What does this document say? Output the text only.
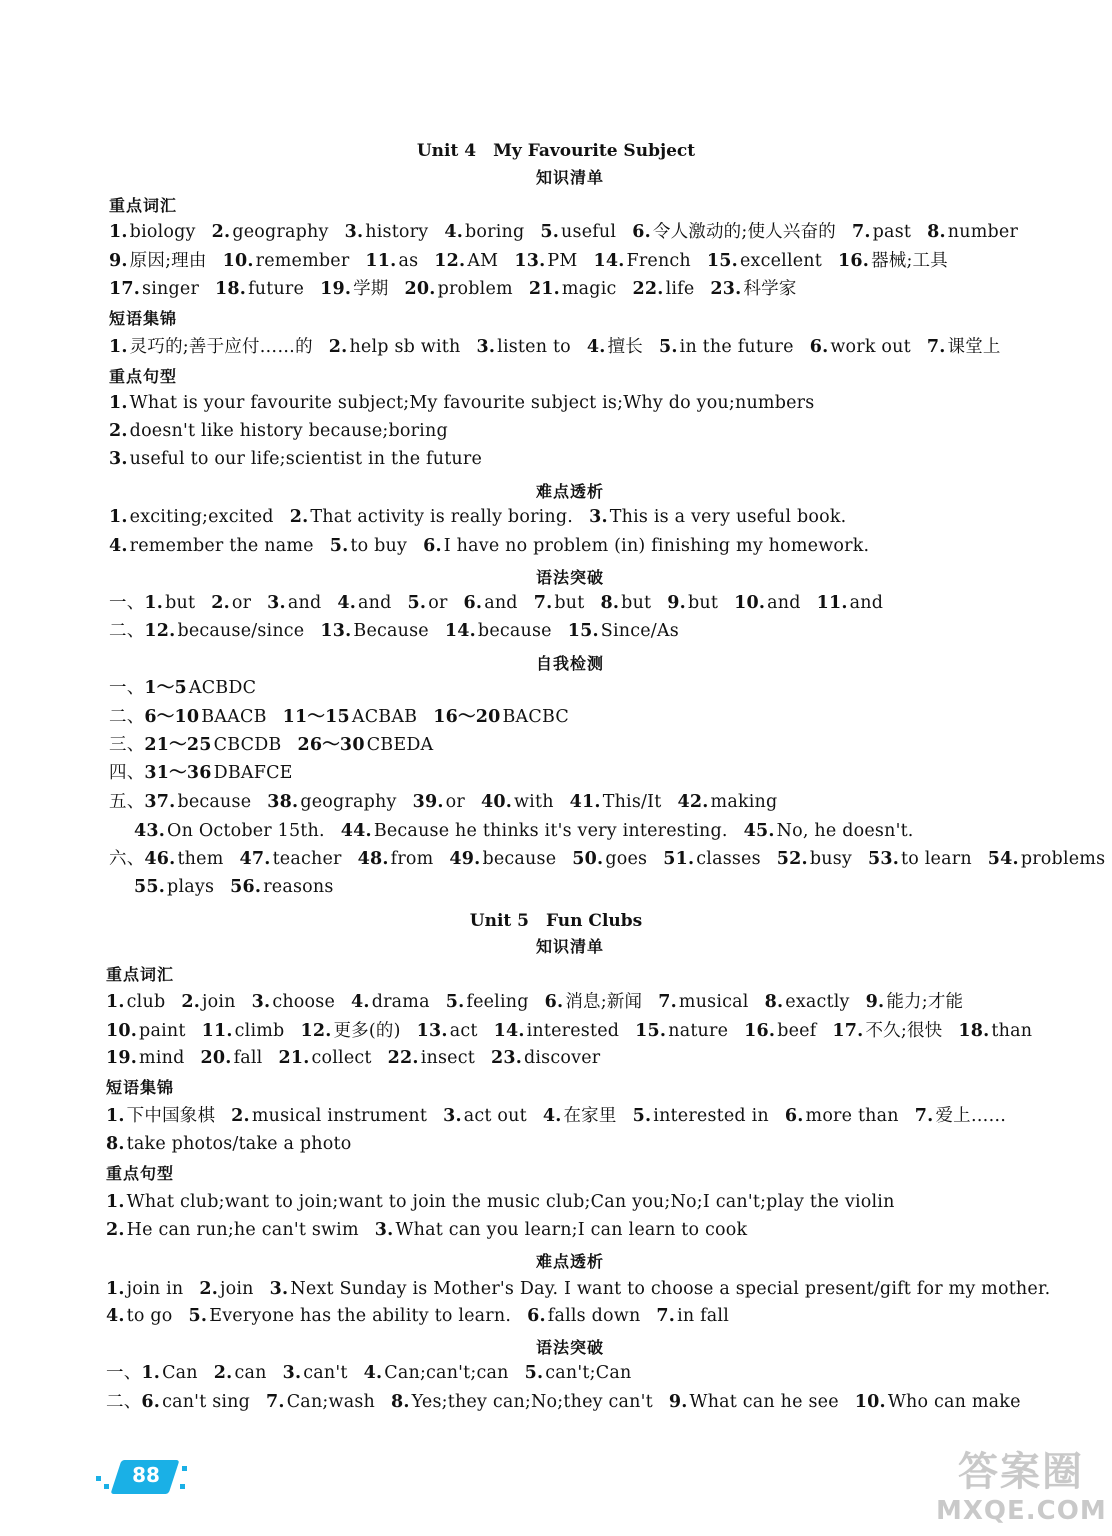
Unit 4　My Favourite Subject
知识清单
重点词汇
1. biology 2. geography 3. history 4. boring 5. useful 6. 令人激动的;使人兴奋的 7. past 8. number
9. 原因;理由 10. remember 11. as 12. AM 13. PM 14. French 15. excellent 16. 器械;工具
17. singer 18. future 19. 学期 20. problem 21. magic 22. life 23. 科学家
短语集锦
1. 灵巧的;善于应付……的 2. help sb with 3. listen to 4. 擅长 5. in the future 6. work out 7. 课堂上
重点句型
1. What is your favourite subject;My favourite subject is;Why do you;numbers
2. doesn't like history because;boring
3. useful to our life;scientist in the future
难点透析
1. exciting;excited 2. That activity is really boring. 3. This is a very useful book.
4. remember the name 5. to buy 6. I have no problem (in) finishing my homework.
语法突破
一、1. but 2. or 3. and 4. and 5. or 6. and 7. but 8. but 9. but 10. and 11. and
二、12. because/since 13. Because 14. because 15. Since/As
自我检测
一、1～5 ACBDC
二、6～10 BAACB 11～15 ACBAB 16～20 BACBC
三、21～25 CBCDB 26～30 CBEDA
四、31～36 DBAFCE
五、37. because 38. geography 39. or 40. with 41. This/It 42. making
43. On October 15th. 44. Because he thinks it's very interesting. 45. No, he doesn't.
六、46. them 47. teacher 48. from 49. because 50. goes 51. classes 52. busy 53. to learn 54. problems
55. plays 56. reasons
Unit 5　Fun Clubs
知识清单
重点词汇
1. club 2. join 3. choose 4. drama 5. feeling 6. 消息;新闻 7. musical 8. exactly 9. 能力;才能
10. paint 11. climb 12. 更多(的) 13. act 14. interested 15. nature 16. beef 17. 不久;很快 18. than
19. mind 20. fall 21. collect 22. insect 23. discover
短语集锦
1. 下中国象棋 2. musical instrument 3. act out 4. 在家里 5. interested in 6. more than 7. 爱上……
8. take photos/take a photo
重点句型
1. What club;want to join;want to join the music club;Can you;No;I can't;play the violin
2. He can run;he can't swim 3. What can you learn;I can learn to cook
难点透析
1. join in 2. join 3. Next Sunday is Mother's Day. I want to choose a special present/gift for my mother.
4. to go 5. Everyone has the ability to learn. 6. falls down 7. in fall
语法突破
一、1. Can 2. can 3. can't 4. Can;can't;can 5. can't;Can
二、6. can't sing 7. Can;wash 8. Yes;they can;No;they can't 9. What can he see 10. Who can make
88	答案圈
MXQE.COM
